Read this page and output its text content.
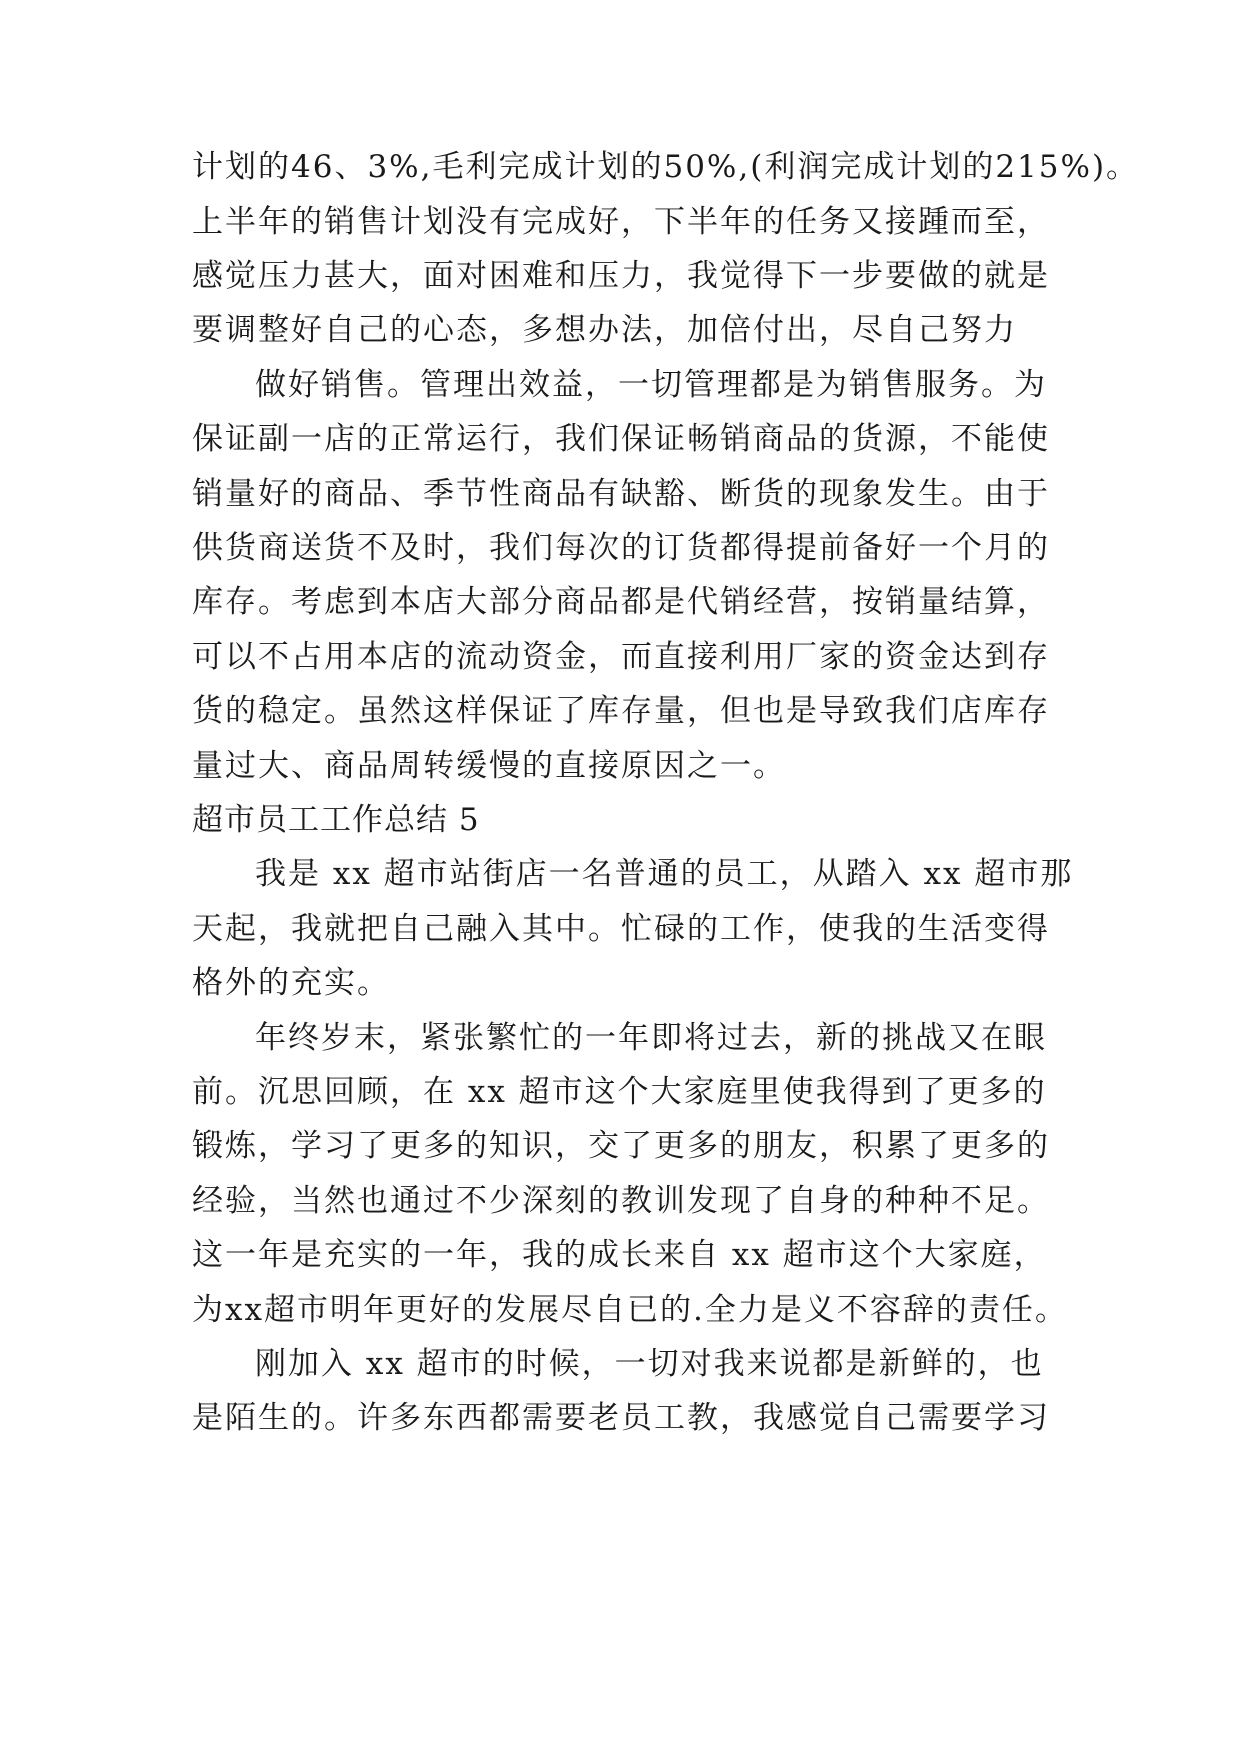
计划的46、3%,毛利完成计划的50%,(利润完成计划的215%)。
上半年的销售计划没有完成好，下半年的任务又接踵而至，
感觉压力甚大，面对困难和压力，我觉得下一步要做的就是
要调整好自己的心态，多想办法，加倍付出，尽自己努力
做好销售。管理出效益，一切管理都是为销售服务。为
保证副一店的正常运行，我们保证畅销商品的货源，不能使
销量好的商品、季节性商品有缺豁、断货的现象发生。由于
供货商送货不及时，我们每次的订货都得提前备好一个月的
库存。考虑到本店大部分商品都是代销经营，按销量结算，
可以不占用本店的流动资金，而直接利用厂家的资金达到存
货的稳定。虽然这样保证了库存量，但也是导致我们店库存
量过大、商品周转缓慢的直接原因之一。
超市员工工作总结 5
我是 xx 超市站街店一名普通的员工，从踏入 xx 超市那
天起，我就把自己融入其中。忙碌的工作，使我的生活变得
格外的充实。
年终岁末，紧张繁忙的一年即将过去，新的挑战又在眼
前。沉思回顾，在 xx 超市这个大家庭里使我得到了更多的
锻炼，学习了更多的知识，交了更多的朋友，积累了更多的
经验，当然也通过不少深刻的教训发现了自身的种种不足。
这一年是充实的一年，我的成长来自 xx 超市这个大家庭，
为xx超市明年更好的发展尽自已的.全力是义不容辞的责任。
刚加入 xx 超市的时候，一切对我来说都是新鲜的，也
是陌生的。许多东西都需要老员工教，我感觉自己需要学习
